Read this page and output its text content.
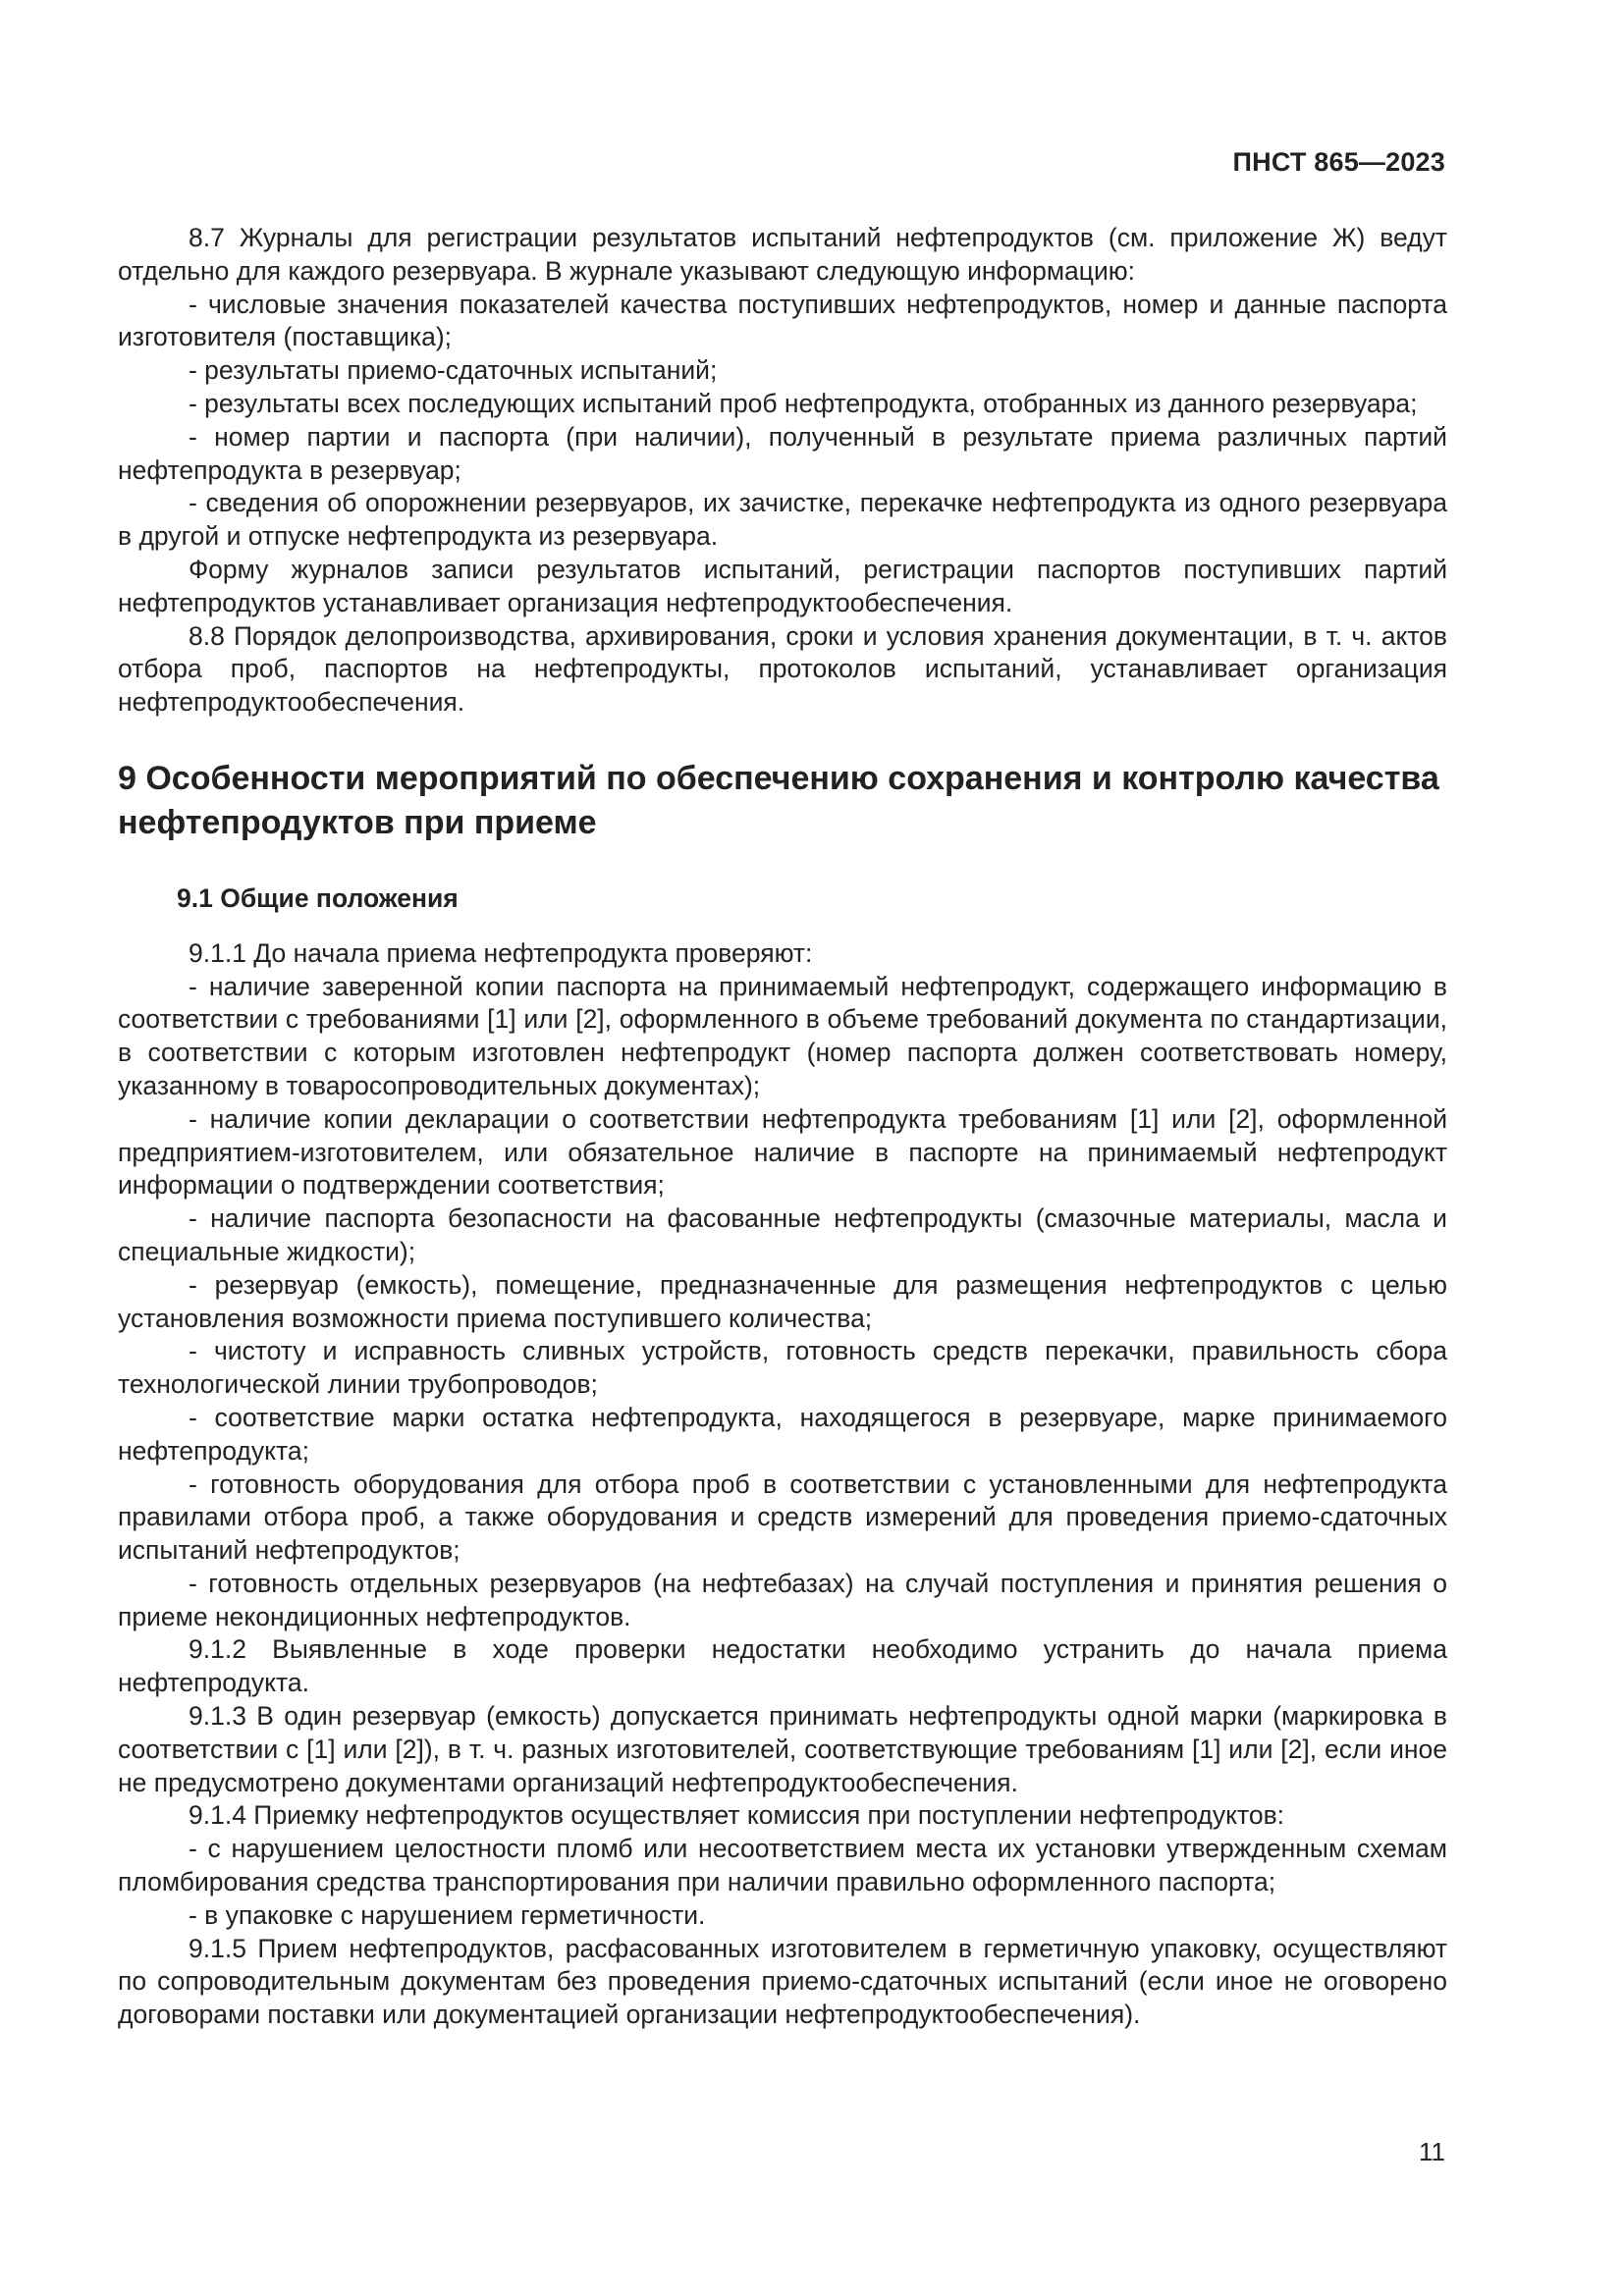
ПНСТ 865—2023

8.7 Журналы для регистрации результатов испытаний нефтепродуктов (см. приложение Ж) ведут отдельно для каждого резервуара. В журнале указывают следующую информацию:

- числовые значения показателей качества поступивших нефтепродуктов, номер и данные паспорта изготовителя (поставщика);

- результаты приемо-сдаточных испытаний;

- результаты всех последующих испытаний проб нефтепродукта, отобранных из данного резервуара;

- номер партии и паспорта (при наличии), полученный в результате приема различных партий нефтепродукта в резервуар;

- сведения об опорожнении резервуаров, их зачистке, перекачке нефтепродукта из одного резервуара в другой и отпуске нефтепродукта из резервуара.

Форму журналов записи результатов испытаний, регистрации паспортов поступивших партий нефтепродуктов устанавливает организация нефтепродуктообеспечения.

8.8 Порядок делопроизводства, архивирования, сроки и условия хранения документации, в т. ч. актов отбора проб, паспортов на нефтепродукты, протоколов испытаний, устанавливает организация нефтепродуктообеспечения.

9 Особенности мероприятий по обеспечению сохранения и контролю качества нефтепродуктов при приеме
9.1 Общие положения

9.1.1 До начала приема нефтепродукта проверяют:

- наличие заверенной копии паспорта на принимаемый нефтепродукт, содержащего информацию в соответствии с требованиями [1] или [2], оформленного в объеме требований документа по стандартизации, в соответствии с которым изготовлен нефтепродукт (номер паспорта должен соответствовать номеру, указанному в товаросопроводительных документах);

- наличие копии декларации о соответствии нефтепродукта требованиям [1] или [2], оформленной предприятием-изготовителем, или обязательное наличие в паспорте на принимаемый нефтепродукт информации о подтверждении соответствия;

- наличие паспорта безопасности на фасованные нефтепродукты (смазочные материалы, масла и специальные жидкости);

- резервуар (емкость), помещение, предназначенные для размещения нефтепродуктов с целью установления возможности приема поступившего количества;

- чистоту и исправность сливных устройств, готовность средств перекачки, правильность сбора технологической линии трубопроводов;

- соответствие марки остатка нефтепродукта, находящегося в резервуаре, марке принимаемого нефтепродукта;

- готовность оборудования для отбора проб в соответствии с установленными для нефтепродукта правилами отбора проб, а также оборудования и средств измерений для проведения приемо-сдаточных испытаний нефтепродуктов;

- готовность отдельных резервуаров (на нефтебазах) на случай поступления и принятия решения о приеме некондиционных нефтепродуктов.

9.1.2 Выявленные в ходе проверки недостатки необходимо устранить до начала приема нефтепродукта.

9.1.3 В один резервуар (емкость) допускается принимать нефтепродукты одной марки (маркировка в соответствии с [1] или [2]), в т. ч. разных изготовителей, соответствующие требованиям [1] или [2], если иное не предусмотрено документами организаций нефтепродуктообеспечения.

9.1.4 Приемку нефтепродуктов осуществляет комиссия при поступлении нефтепродуктов:

- с нарушением целостности пломб или несоответствием места их установки утвержденным схемам пломбирования средства транспортирования при наличии правильно оформленного паспорта;

- в упаковке с нарушением герметичности.

9.1.5 Прием нефтепродуктов, расфасованных изготовителем в герметичную упаковку, осуществляют по сопроводительным документам без проведения приемо-сдаточных испытаний (если иное не оговорено договорами поставки или документацией организации нефтепродуктообеспечения).

11
